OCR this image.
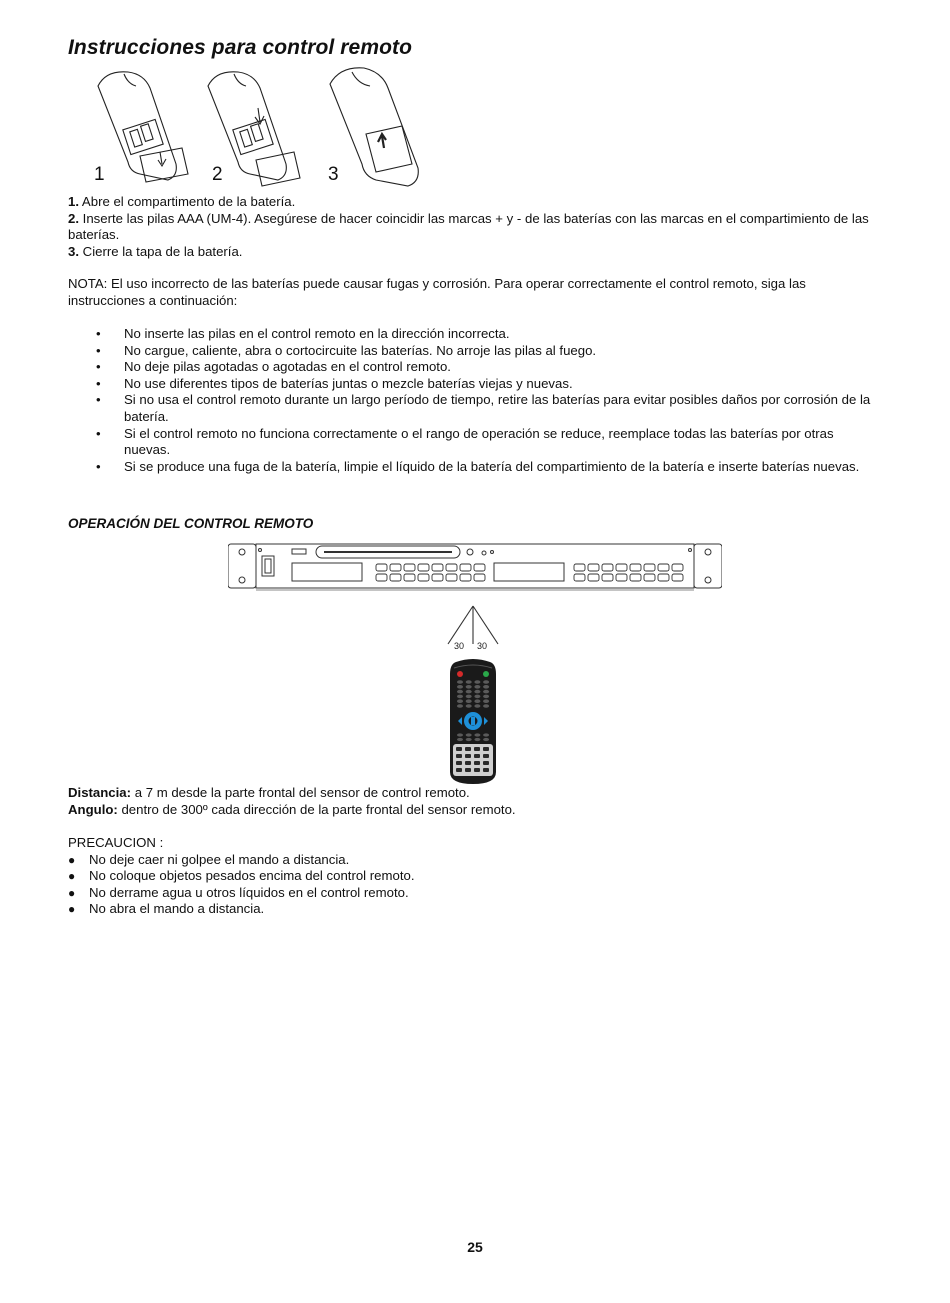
Instrucciones para control remoto
1	2	3

1. Abre el compartimento de la batería.

2. Inserte las pilas AAA (UM-4). Asegúrese de hacer coincidir las marcas + y - de las baterías con las marcas en el compartimiento de las baterías.

3. Cierre la tapa de la batería.

NOTA: El uso incorrecto de las baterías puede causar fugas y corrosión. Para operar correctamente el control remoto, siga las instrucciones a continuación:

• No inserte las pilas en el control remoto en la dirección incorrecta.
• No cargue, caliente, abra o cortocircuite las baterías. No arroje las pilas al fuego.
• No deje pilas agotadas o agotadas en el control remoto.
• No use diferentes tipos de baterías juntas o mezcle baterías viejas y nuevas.
• Si no usa el control remoto durante un largo período de tiempo, retire las baterías para evitar posibles daños por corrosión de la batería.
• Si el control remoto no funciona correctamente o el rango de operación se reduce, reemplace todas las baterías por otras nuevas.
• Si se produce una fuga de la batería, limpie el líquido de la batería del compartimiento de la batería e inserte baterías nuevas.
OPERACIÓN DEL CONTROL REMOTO
30 30

Distancia: a 7 m desde la parte frontal del sensor de control remoto.

Angulo: dentro de 300º cada dirección de la parte frontal del sensor remoto.

PRECAUCION :

● No deje caer ni golpee el mando a distancia.
● No coloque objetos pesados encima del control remoto.
● No derrame agua u otros líquidos en el control remoto.
● No abra el mando a distancia.
25
